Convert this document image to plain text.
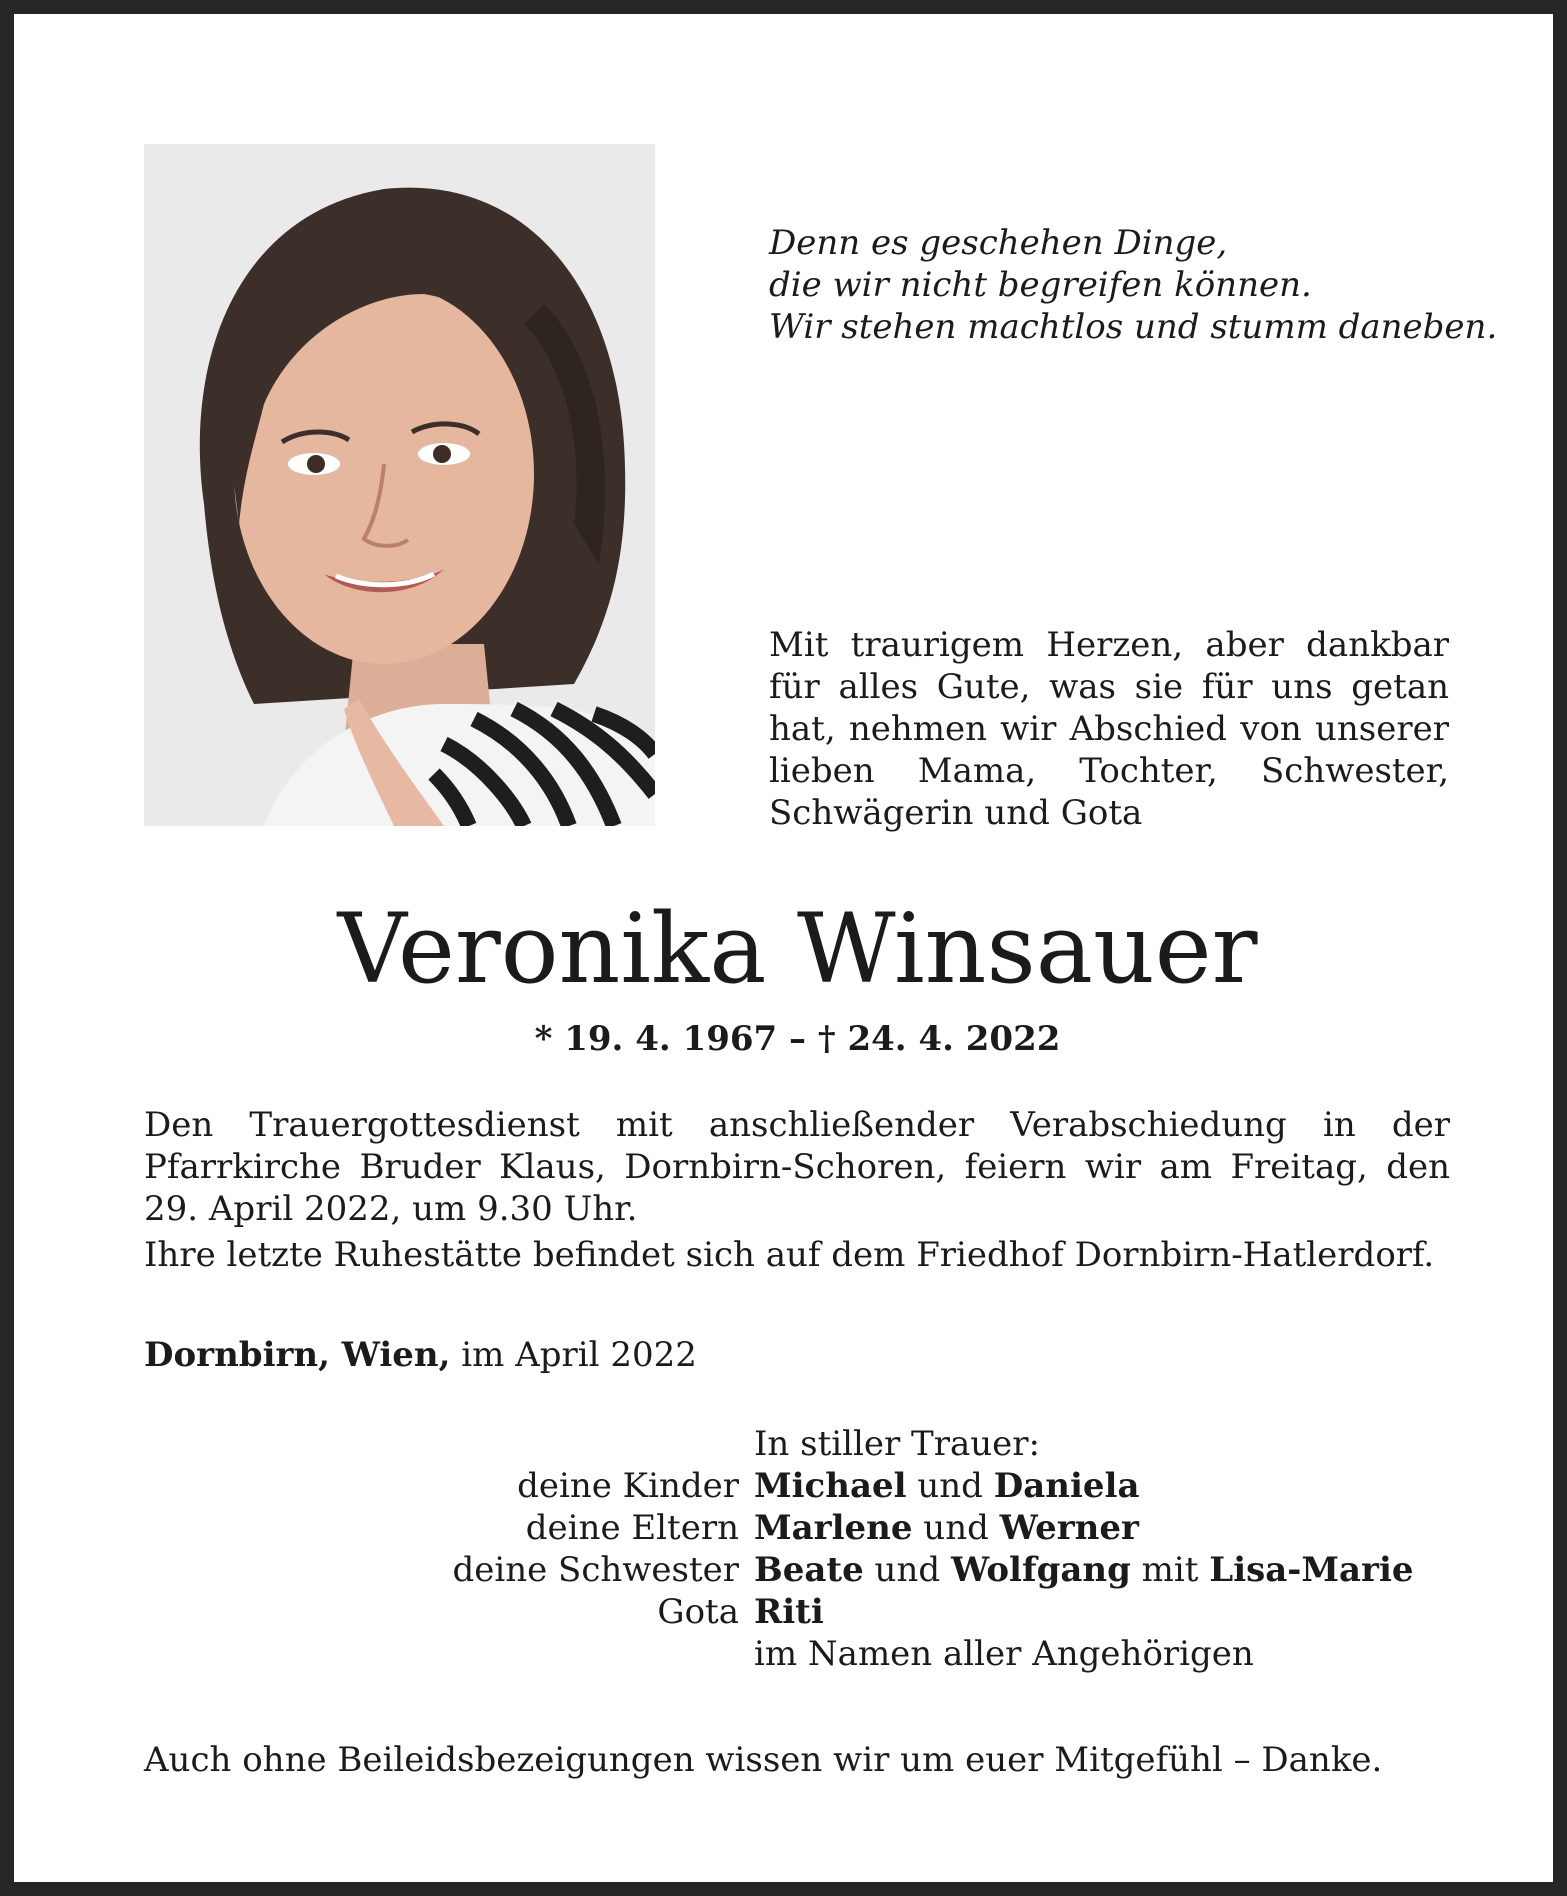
Denn es geschehen Dinge,
die wir nicht begreifen können.
Wir stehen machtlos und stumm daneben.
Mit traurigem Herzen, aber dankbar für alles Gute, was sie für uns getan hat, nehmen wir Abschied von unserer lieben Mama, Tochter, Schwester, Schwägerin und Gota
Veronika Winsauer
* 19. 4. 1967 – † 24. 4. 2022

Den Trauergottesdienst mit anschließender Verabschiedung in der Pfarrkirche Bruder Klaus, Dornbirn-Schoren, feiern wir am Freitag, den 29. April 2022, um 9.30 Uhr.

Ihre letzte Ruhestätte befindet sich auf dem Friedhof Dornbirn-Hatlerdorf.

Dornbirn, Wien, im April 2022
In stiller Trauer:
deine Kinder Michael und Daniela
deine Eltern Marlene und Werner
deine Schwester Beate und Wolfgang mit Lisa-Marie
Gota Riti
im Namen aller Angehörigen
Auch ohne Beileidsbezeigungen wissen wir um euer Mitgefühl – Danke.
